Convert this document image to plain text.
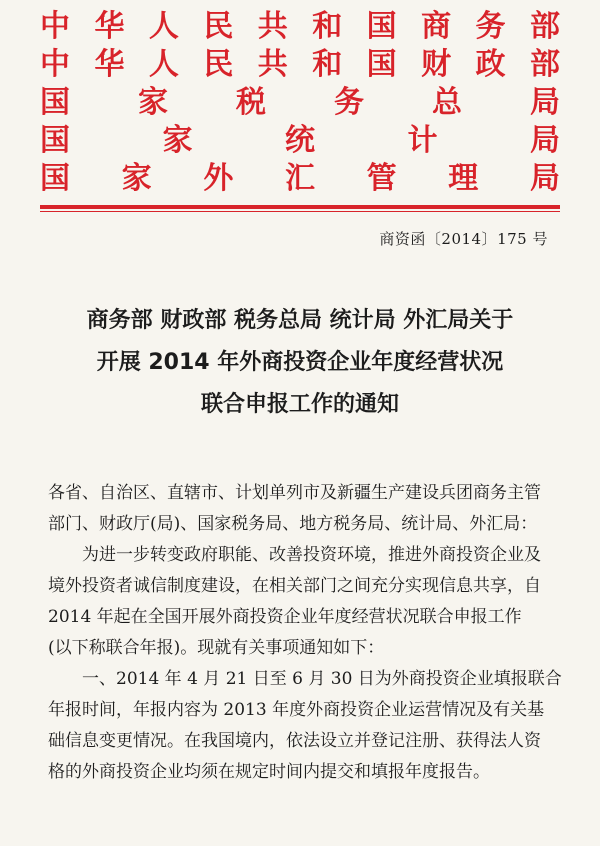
中 华 人 民 共 和 国 商 务 部
中 华 人 民 共 和 国 财 政 部
国 家 税 务 总 局
国	家	统	计	局
国 家 外 汇 管 理 局
商资函〔2014〕175 号
商务部 财政部 税务总局 统计局 外汇局关于
开展 2014 年外商投资企业年度经营状况
联合申报工作的通知

各省、自治区、直辖市、计划单列市及新疆生产建设兵团商务主管
部门、财政厅(局)、国家税务局、地方税务局、统计局、外汇局：

为进一步转变政府职能、改善投资环境，推进外商投资企业及
境外投资者诚信制度建设，在相关部门之间充分实现信息共享，自
2014 年起在全国开展外商投资企业年度经营状况联合申报工作
(以下称联合年报)。现就有关事项通知如下：

一、2014 年 4 月 21 日至 6 月 30 日为外商投资企业填报联合
年报时间，年报内容为 2013 年度外商投资企业运营情况及有关基
础信息变更情况。在我国境内，依法设立并登记注册、获得法人资
格的外商投资企业均须在规定时间内提交和填报年度报告。
